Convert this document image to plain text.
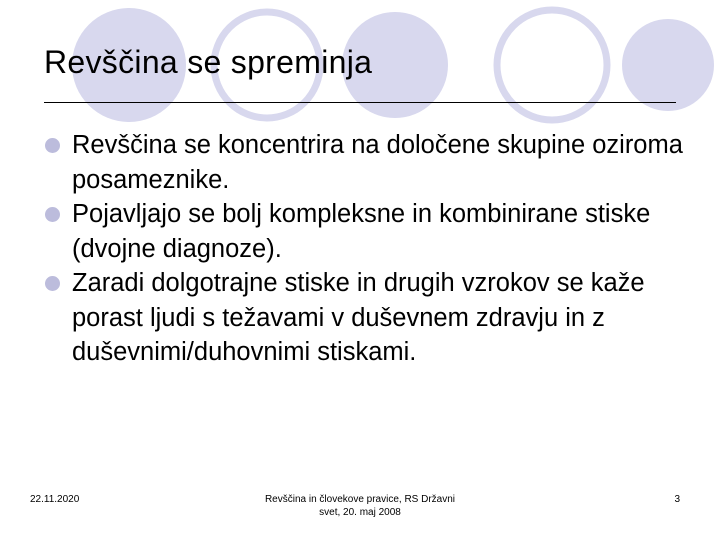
Revščina se spreminja
Revščina se koncentrira na določene skupine oziroma posameznike.
Pojavljajo se bolj kompleksne in kombinirane stiske (dvojne diagnoze).
Zaradi dolgotrajne stiske in drugih vzrokov se kaže porast ljudi s težavami v duševnem zdravju in z duševnimi/duhovnimi stiskami.
22.11.2020	Revščina in človekove pravice, RS Državni
svet, 20. maj 2008
3
